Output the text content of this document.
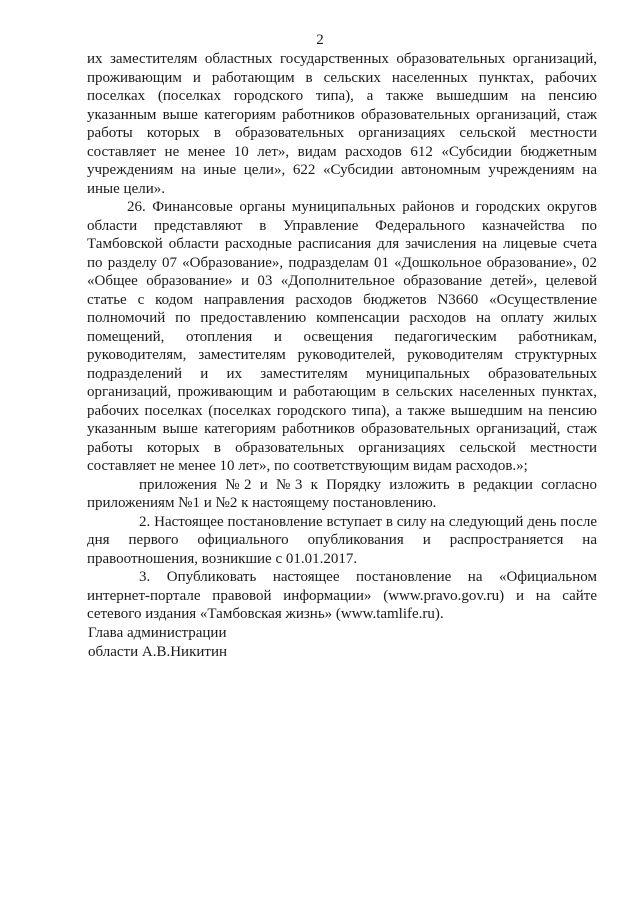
2

их заместителям областных государственных образовательных организаций, проживающим и работающим в сельских населенных пунктах, рабочих поселках (поселках городского типа), а также вышедшим на пенсию указанным выше категориям работников образовательных организаций, стаж работы которых в образовательных организациях сельской местности составляет не менее 10 лет», видам расходов 612 «Субсидии бюджетным учреждениям на иные цели», 622 «Субсидии автономным учреждениям на иные цели».

26. Финансовые органы муниципальных районов и городских округов области представляют в Управление Федерального казначейства по Тамбовской области расходные расписания для зачисления на лицевые счета по разделу 07 «Образование», подразделам 01 «Дошкольное образование», 02 «Общее образование» и 03 «Дополнительное образование детей», целевой статье с кодом направления расходов бюджетов N3660 «Осуществление полномочий по предоставлению компенсации расходов на оплату жилых помещений, отопления и освещения педагогическим работникам, руководителям, заместителям руководителей, руководителям структурных подразделений и их заместителям муниципальных образовательных организаций, проживающим и работающим в сельских населенных пунктах, рабочих поселках (поселках городского типа), а также вышедшим на пенсию указанным выше категориям работников образовательных организаций, стаж работы которых в образовательных организациях сельской местности составляет не менее 10 лет», по соответствующим видам расходов.»;

приложения №2 и №3 к Порядку изложить в редакции согласно приложениям №1 и №2 к настоящему постановлению.

2. Настоящее постановление вступает в силу на следующий день после дня первого официального опубликования и распространяется на правоотношения, возникшие с 01.01.2017.

3. Опубликовать настоящее постановление на «Официальном интернет-портале правовой информации» (www.pravo.gov.ru) и на сайте сетевого издания «Тамбовская жизнь» (www.tamlife.ru).

Глава администрации
области А.В.Никитин
